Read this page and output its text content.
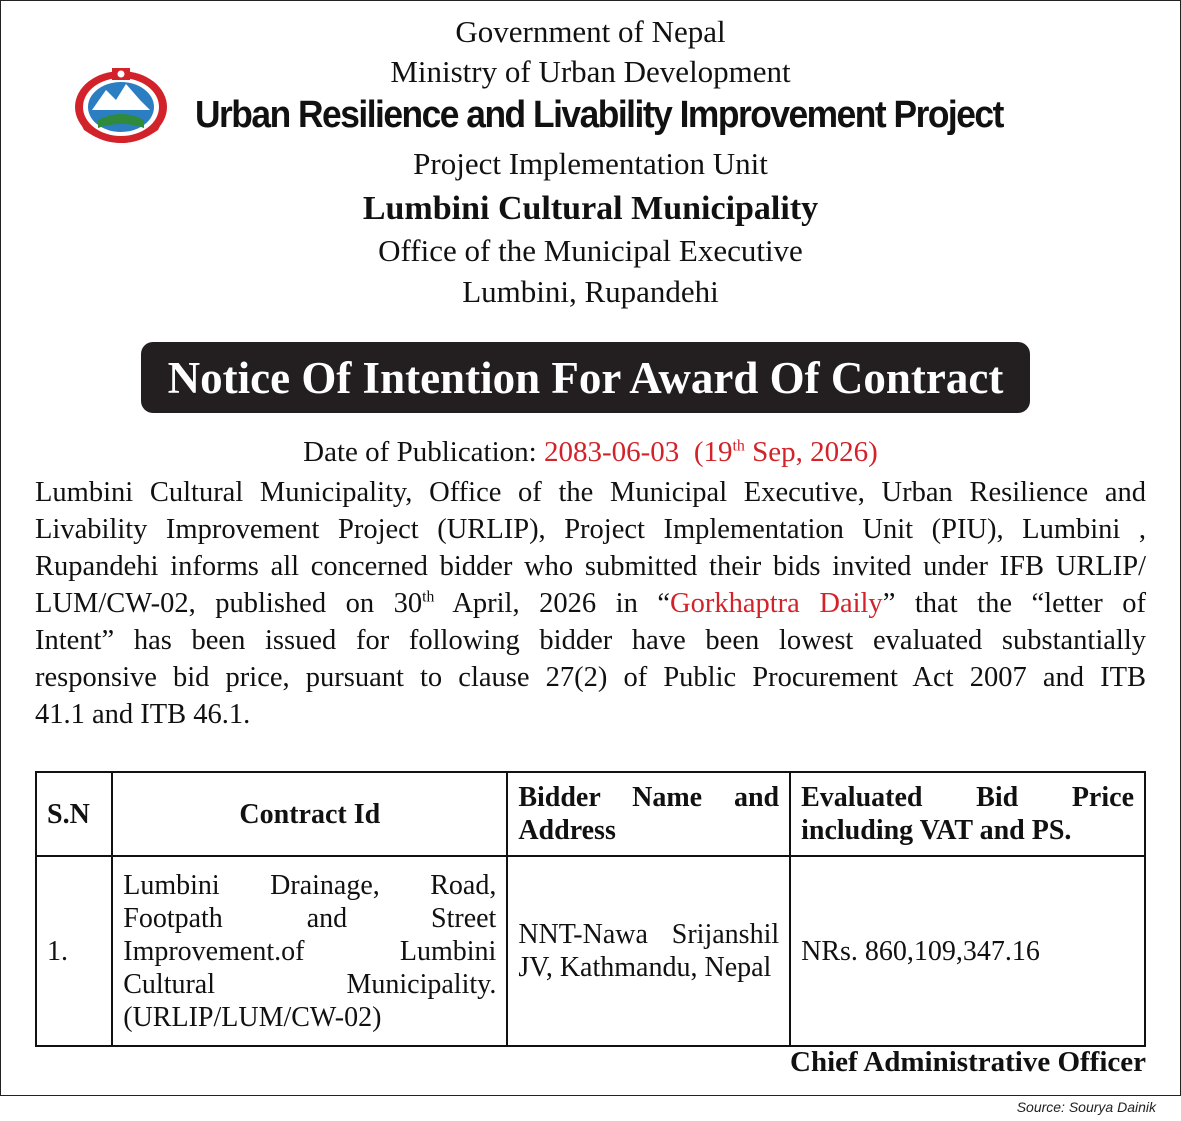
Government of Nepal
Ministry of Urban Development
Urban Resilience and Livability Improvement Project
Project Implementation Unit
Lumbini Cultural Municipality
Office of the Municipal Executive
Lumbini, Rupandehi
Notice Of Intention For Award Of Contract
Date of Publication: 2083-06-03 (19th Sep, 2026)
Lumbini Cultural Municipality, Office of the Municipal Executive, Urban Resilience and
Livability Improvement Project (URLIP), Project Implementation Unit (PIU), Lumbini ,
Rupandehi informs all concerned bidder who submitted their bids invited under IFB URLIP/
LUM/CW-02, published on 30th April, 2026 in “Gorkhaptra Daily” that the “letter of
Intent” has been issued for following bidder have been lowest evaluated substantially
responsive bid price, pursuant to clause 27(2) of Public Procurement Act 2007 and ITB
41.1 and ITB 46.1.
S.N	Contract Id	Bidder Name and
Address	Evaluated Bid Price
including VAT and PS.

1.	Lumbini Drainage, Road,
Footpath and Street
Improvement.of Lumbini
Cultural Municipality.
(URLIP/LUM/CW-02)	NNT-Nawa Srijanshil
JV, Kathmandu, Nepal	NRs. 860,109,347.16
Chief Administrative Officer
Source: Sourya Dainik
